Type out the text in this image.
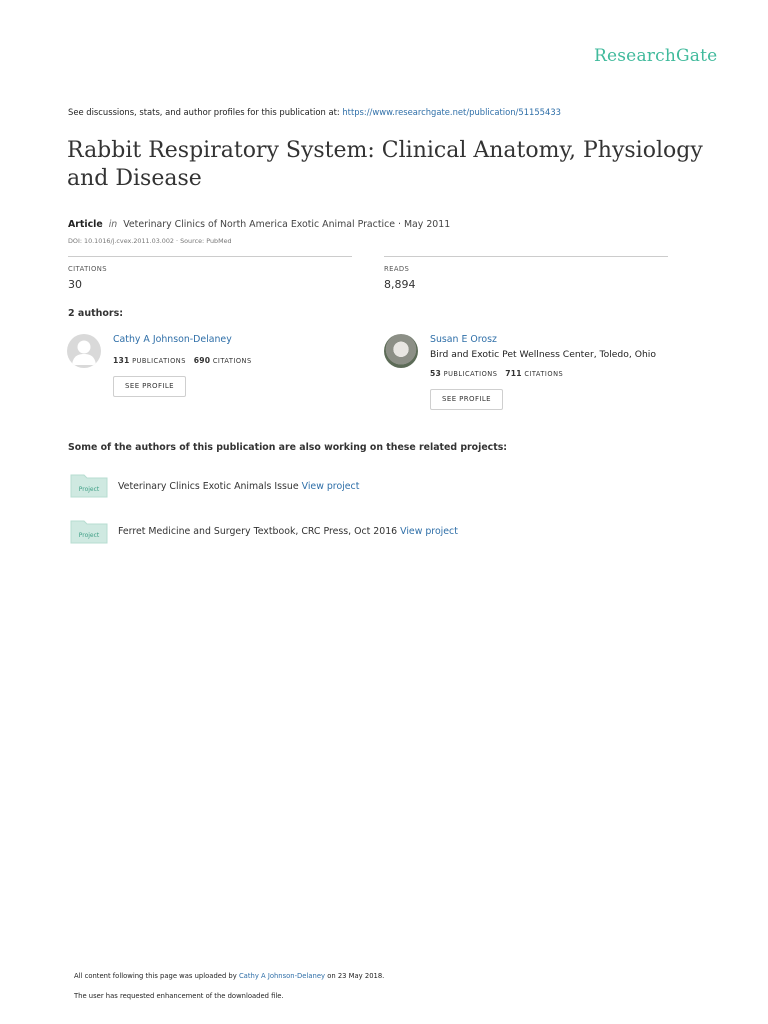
ResearchGate
See discussions, stats, and author profiles for this publication at: https://www.researchgate.net/publication/51155433
Rabbit Respiratory System: Clinical Anatomy, Physiology and Disease
Article in Veterinary Clinics of North America Exotic Animal Practice · May 2011
DOI: 10.1016/j.cvex.2011.03.002 · Source: PubMed
CITATIONS
30
READS
8,894
2 authors:
Cathy A Johnson-Delaney
131 PUBLICATIONS 690 CITATIONS
SEE PROFILE
Susan E Orosz
Bird and Exotic Pet Wellness Center, Toledo, Ohio
53 PUBLICATIONS 711 CITATIONS
SEE PROFILE
Some of the authors of this publication are also working on these related projects:
Project Veterinary Clinics Exotic Animals Issue View project
Project Ferret Medicine and Surgery Textbook, CRC Press, Oct 2016 View project
All content following this page was uploaded by Cathy A Johnson-Delaney on 23 May 2018.
The user has requested enhancement of the downloaded file.
